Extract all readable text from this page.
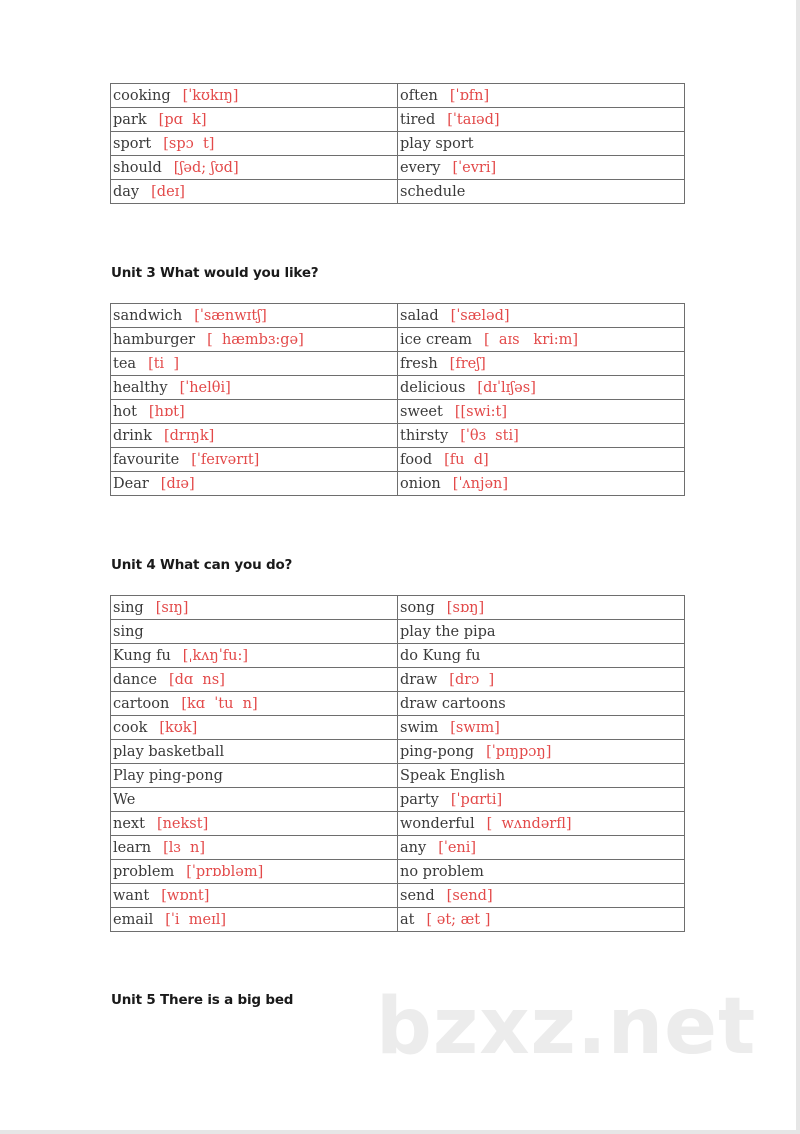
cooking [ˈkʊkɪŋ]	often [ˈɒfn]
park [pɑ  k]	tired [ˈtaɪəd]
sport [spɔ  t]	play sport
should [ʃəd; ʃʊd]	every [ˈevri]
day [deɪ]	schedule
Unit 3 What would you like?
sandwich [ˈsænwɪtʃ]	salad [ˈsæləd]
hamburger [  hæmbɜ:gə]	ice cream [  aɪs   kri:m]
tea [ti  ]	fresh [freʃ]
healthy [ˈhelθi]	delicious [dɪˈlɪʃəs]
hot [hɒt]	sweet [[swi:t]
drink [drɪŋk]	thirsty [ˈθɜ  sti]
favourite [ˈfeɪvərɪt]	food [fu  d]
Dear [dɪə]	onion [ˈʌnjən]
Unit 4 What can you do?
sing [sɪŋ]	song [sɒŋ]
sing	play the pipa
Kung fu [ˌkʌŋˈfu:]	do Kung fu
dance [dɑ  ns]	draw [drɔ  ]
cartoon [kɑ  ˈtu  n]	draw cartoons
cook [kʊk]	swim [swɪm]
play basketball	ping-pong [ˈpɪŋpɔŋ]
Play ping-pong	Speak English
We	party [ˈpɑrti]
next [nekst]	wonderful [  wʌndərfl]
learn [lɜ  n]	any [ˈeni]
problem [ˈprɒbləm]	no problem
want [wɒnt]	send [send]
email [ˈi  meɪl]	at [ ət; æt ]
Unit 5 There is a big bed bzxz.net
